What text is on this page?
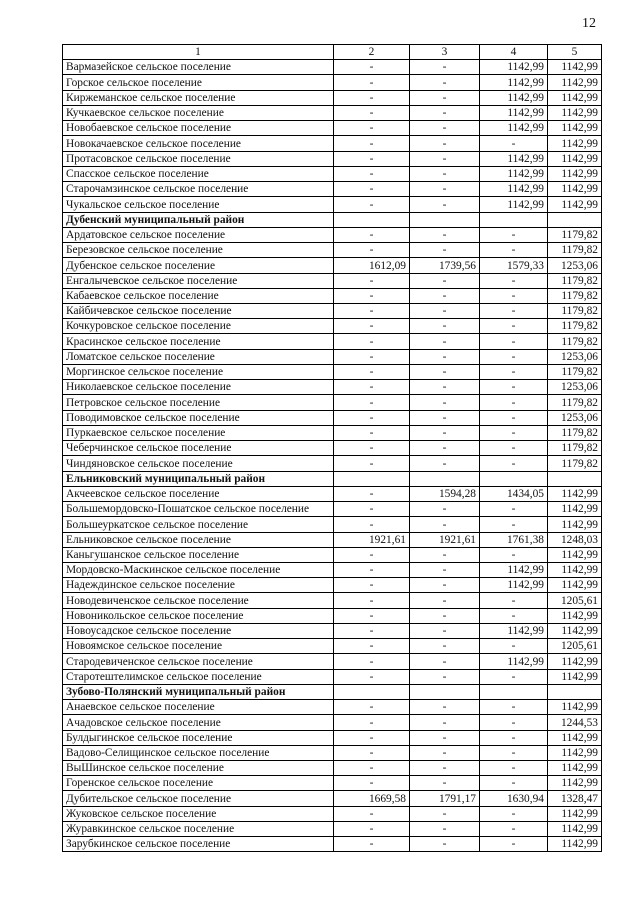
12
1	2	3	4	5
Вармазейское сельское поселение	-	-	1142,99	1142,99
Горское сельское поселение	-	-	1142,99	1142,99
Киржеманское сельское поселение	-	-	1142,99	1142,99
Кучкаевское сельское поселение	-	-	1142,99	1142,99
Новобаевское сельское поселение	-	-	1142,99	1142,99
Новокачаевское сельское поселение	-	-	-	1142,99
Протасовское сельское поселение	-	-	1142,99	1142,99
Спасское сельское поселение	-	-	1142,99	1142,99
Старочамзинское сельское поселение	-	-	1142,99	1142,99
Чукальское сельское поселение	-	-	1142,99	1142,99
Дубенский муниципальный район				
Ардатовское сельское поселение	-	-	-	1179,82
Березовское сельское поселение	-	-	-	1179,82
Дубенское сельское поселение	1612,09	1739,56	1579,33	1253,06
Енгалычевское сельское поселение	-	-	-	1179,82
Кабаевское сельское поселение	-	-	-	1179,82
Кайбичевское сельское поселение	-	-	-	1179,82
Кочкуровское сельское поселение	-	-	-	1179,82
Красинское сельское поселение	-	-	-	1179,82
Ломатское сельское поселение	-	-	-	1253,06
Моргинское сельское поселение	-	-	-	1179,82
Николаевское сельское поселение	-	-	-	1253,06
Петровское сельское поселение	-	-	-	1179,82
Поводимовское сельское поселение	-	-	-	1253,06
Пуркаевское сельское поселение	-	-	-	1179,82
Чеберчинское сельское поселение	-	-	-	1179,82
Чиндяновское сельское поселение	-	-	-	1179,82
Ельниковский муниципальный район				
Акчеевское сельское поселение	-	1594,28	1434,05	1142,99
Большемордовско-Пошатское сельское поселение	-	-	-	1142,99
Большеуркатское сельское поселение	-	-	-	1142,99
Ельниковское сельское поселение	1921,61	1921,61	1761,38	1248,03
Каньгушанское сельское поселение	-	-	-	1142,99
Мордовско-Маскинское сельское поселение	-	-	1142,99	1142,99
Надеждинское сельское поселение	-	-	1142,99	1142,99
Новодевиченское сельское поселение	-	-	-	1205,61
Новоникольское сельское поселение	-	-	-	1142,99
Новоусадское сельское поселение	-	-	1142,99	1142,99
Новоямское сельское поселение	-	-	-	1205,61
Стародевиченское сельское поселение	-	-	1142,99	1142,99
Старотештелимское сельское поселение	-	-	-	1142,99
Зубово-Полянский муниципальный район				
Анаевское сельское поселение	-	-	-	1142,99
Ачадовское сельское поселение	-	-	-	1244,53
Булдыгинское сельское поселение	-	-	-	1142,99
Вадово-Селищинское сельское поселение	-	-	-	1142,99
ВыШинское сельское поселение	-	-	-	1142,99
Горенское сельское поселение	-	-	-	1142,99
Дубительское сельское поселение	1669,58	1791,17	1630,94	1328,47
Жуковское сельское поселение	-	-	-	1142,99
Журавкинское сельское поселение	-	-	-	1142,99
Зарубкинское сельское поселение	-	-	-	1142,99
